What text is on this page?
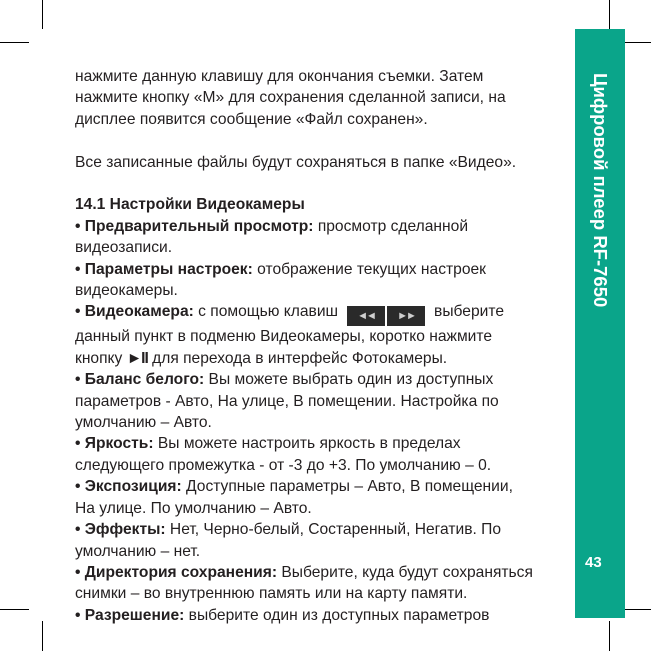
Цифровой плеер RF-7650
43

нажмите данную клавишу для окончания съемки. Затем

нажмите кнопку «М» для сохранения сделанной записи, на

дисплее появится сообщение «Файл сохранен».

Все записанные файлы будут сохраняться в папке «Видео».

14.1 Настройки Видеокамеры

• Предварительный просмотр: просмотр сделанной

видеозаписи.

• Параметры настроек: отображение текущих настроек

видеокамеры.

• Видеокамера: с помощью клавиш ◄◄ ►► выберите

данный пункт в подменю Видеокамеры, коротко нажмите

кнопку ►II для перехода в интерфейс Фотокамеры.

• Баланс белого: Вы можете выбрать один из доступных

параметров - Авто, На улице, В помещении. Настройка по

умолчанию – Авто.

• Яркость: Вы можете настроить яркость в пределах

следующего промежутка - от -3 до +3. По умолчанию – 0.

• Экспозиция: Доступные параметры – Авто, В помещении,

На улице. По умолчанию – Авто.

• Эффекты: Нет, Черно-белый, Состаренный, Негатив. По

умолчанию – нет.

• Директория сохранения: Выберите, куда будут сохраняться

снимки – во внутреннюю память или на карту памяти.

• Разрешение: выберите один из доступных параметров
